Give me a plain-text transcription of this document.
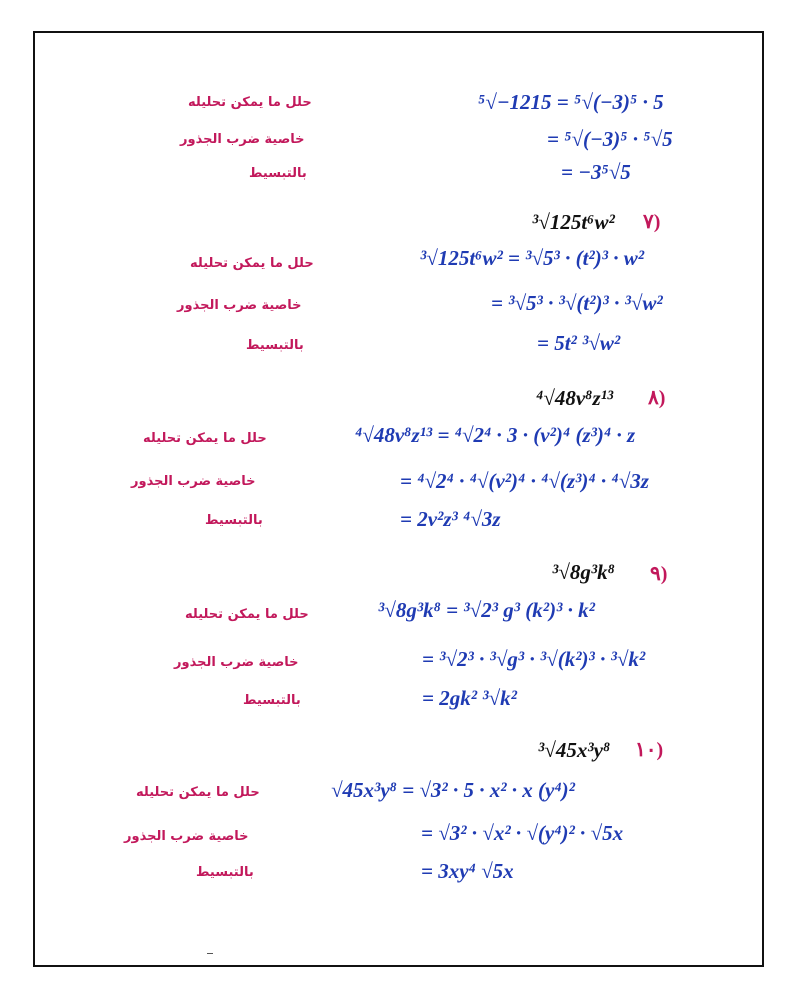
حلل ما يمكن تحليله	⁵√−1215 = ⁵√(−3)⁵ · 5
خاصية ضرب الجذور	= ⁵√(−3)⁵ · ⁵√5
بالتبسيط	= −3⁵√5
³√125t⁶w² ٧)
حلل ما يمكن تحليله	³√125t⁶w² = ³√5³ · (t²)³ · w²
خاصية ضرب الجذور	= ³√5³ · ³√(t²)³ · ³√w²
بالتبسيط	= 5t² ³√w²
⁴√48v⁸z¹³ ٨)
حلل ما يمكن تحليله	⁴√48v⁸z¹³ = ⁴√2⁴ · 3 · (v²)⁴ (z³)⁴ · z
خاصية ضرب الجذور	= ⁴√2⁴ · ⁴√(v²)⁴ · ⁴√(z³)⁴ · ⁴√3z
بالتبسيط	= 2v²z³ ⁴√3z
³√8g³k⁸ ٩)
حلل ما يمكن تحليله	³√8g³k⁸ = ³√2³ g³ (k²)³ · k²
خاصية ضرب الجذور	= ³√2³ · ³√g³ · ³√(k²)³ · ³√k²
بالتبسيط	= 2gk² ³√k²
³√45x³y⁸ ١٠)
حلل ما يمكن تحليله	√45x³y⁸ = √3² · 5 · x² · x (y⁴)²
خاصية ضرب الجذور	= √3² · √x² · √(y⁴)² · √5x
بالتبسيط	= 3xy⁴ √5x
